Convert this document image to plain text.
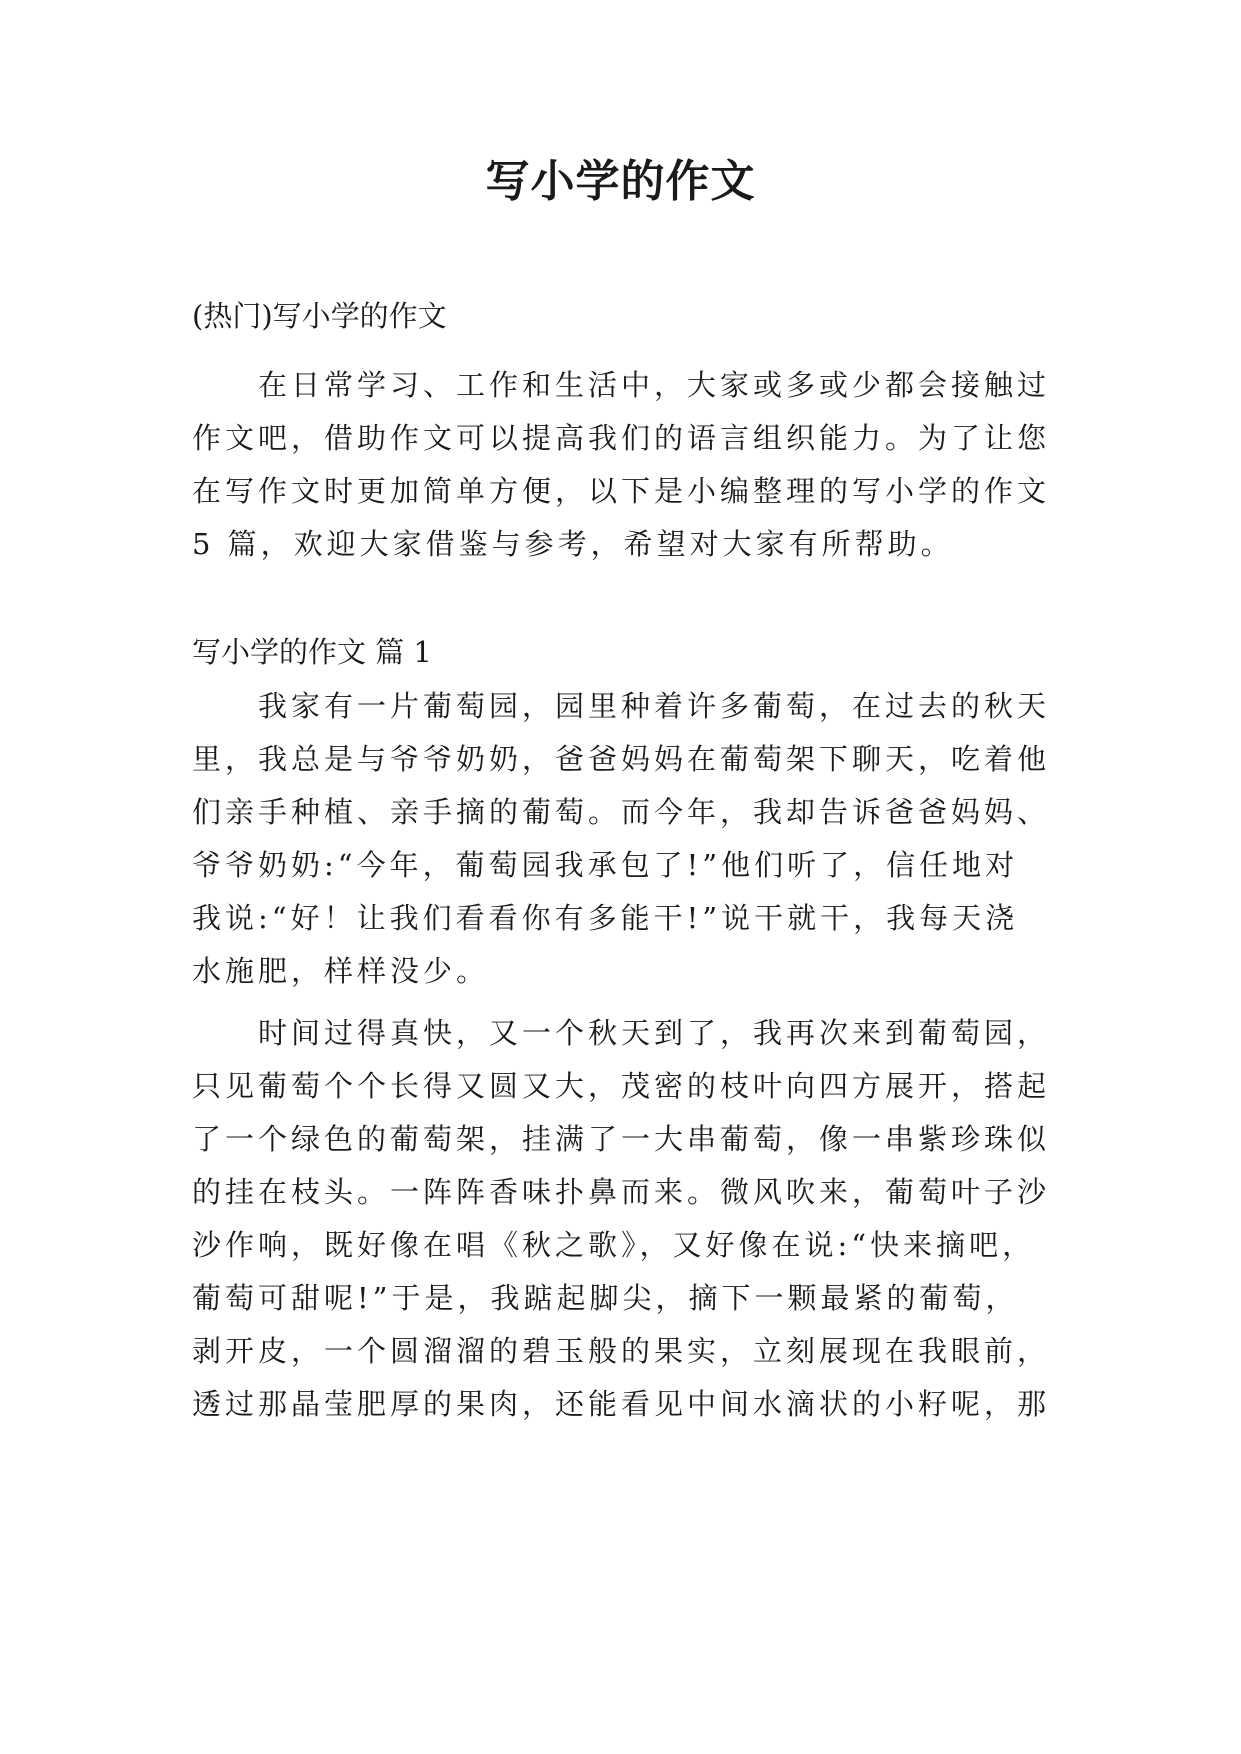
写小学的作文
(热门)写小学的作文
在日常学习、工作和生活中，大家或多或少都会接触过
作文吧，借助作文可以提高我们的语言组织能力。为了让您
在写作文时更加简单方便，以下是小编整理的写小学的作文
5 篇，欢迎大家借鉴与参考，希望对大家有所帮助。
写小学的作文 篇 1
我家有一片葡萄园，园里种着许多葡萄，在过去的秋天
里，我总是与爷爷奶奶，爸爸妈妈在葡萄架下聊天，吃着他
们亲手种植、亲手摘的葡萄。而今年，我却告诉爸爸妈妈、
爷爷奶奶:“今年，葡萄园我承包了!”他们听了，信任地对
我说:“好！让我们看看你有多能干!”说干就干，我每天浇
水施肥，样样没少。
时间过得真快，又一个秋天到了，我再次来到葡萄园，
只见葡萄个个长得又圆又大，茂密的枝叶向四方展开，搭起
了一个绿色的葡萄架，挂满了一大串葡萄，像一串紫珍珠似
的挂在枝头。一阵阵香味扑鼻而来。微风吹来，葡萄叶子沙
沙作响，既好像在唱《秋之歌》，又好像在说:“快来摘吧，
葡萄可甜呢!”于是，我踮起脚尖，摘下一颗最紧的葡萄，
剥开皮，一个圆溜溜的碧玉般的果实，立刻展现在我眼前，
透过那晶莹肥厚的果肉，还能看见中间水滴状的小籽呢，那
